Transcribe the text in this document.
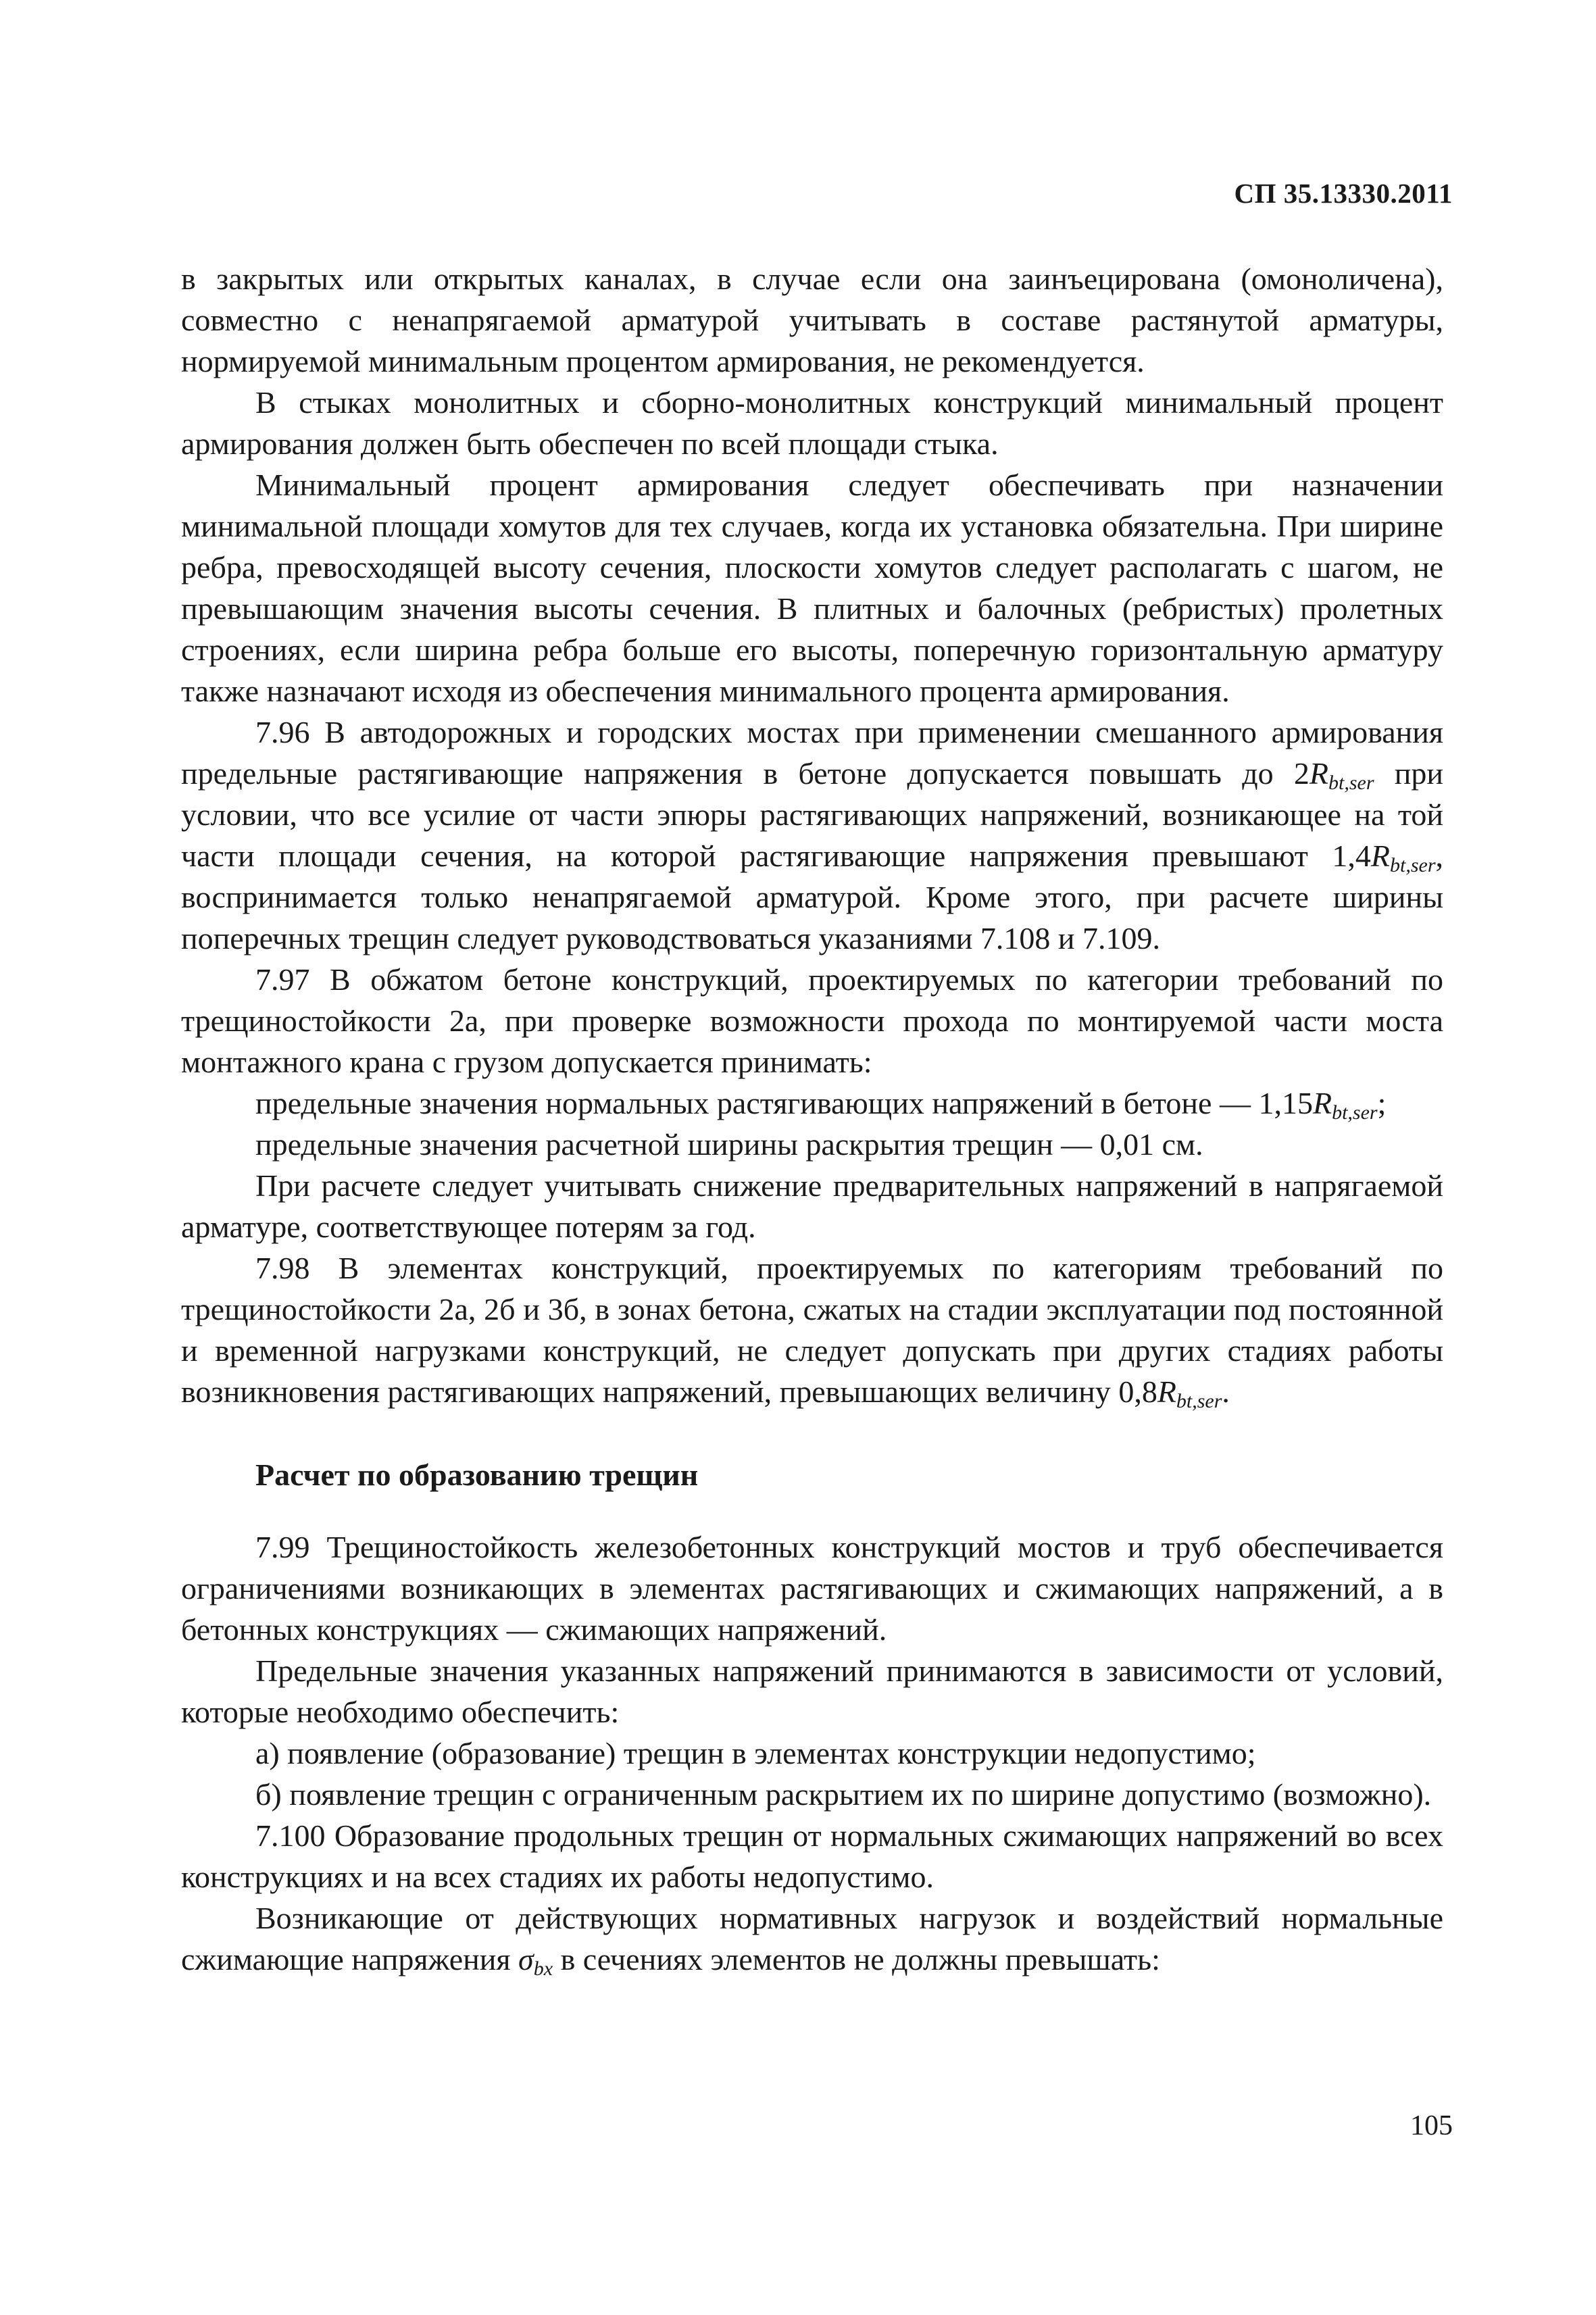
СП 35.13330.2011

в закрытых или открытых каналах, в случае если она заинъецирована (омоноличена), совместно с ненапрягаемой арматурой учитывать в составе растянутой арматуры, нормируемой минимальным процентом армирования, не рекомендуется.

В стыках монолитных и сборно-монолитных конструкций минимальный процент армирования должен быть обеспечен по всей площади стыка.

Минимальный процент армирования следует обеспечивать при назначении минимальной площади хомутов для тех случаев, когда их установка обязательна. При ширине ребра, превосходящей высоту сечения, плоскости хомутов следует располагать с шагом, не превышающим значения высоты сечения. В плитных и балочных (ребристых) пролетных строениях, если ширина ребра больше его высоты, поперечную горизонтальную арматуру также назначают исходя из обеспечения минимального процента армирования.

7.96 В автодорожных и городских мостах при применении смешанного армирования предельные растягивающие напряжения в бетоне допускается повышать до $2R_{bt,ser}$ при условии, что все усилие от части эпюры растягивающих напряжений, возникающее на той части площади сечения, на которой растягивающие напряжения превышают $1,4R_{bt,ser}$, воспринимается только ненапрягаемой арматурой. Кроме этого, при расчете ширины поперечных трещин следует руководствоваться указаниями 7.108 и 7.109.

7.97 В обжатом бетоне конструкций, проектируемых по категории требований по трещиностойкости 2а, при проверке возможности прохода по монтируемой части моста монтажного крана с грузом допускается принимать:

предельные значения нормальных растягивающих напряжений в бетоне — $1,15R_{bt,ser}$;

предельные значения расчетной ширины раскрытия трещин — 0,01 см.

При расчете следует учитывать снижение предварительных напряжений в напрягаемой арматуре, соответствующее потерям за год.

7.98 В элементах конструкций, проектируемых по категориям требований по трещиностойкости 2а, 2б и 3б, в зонах бетона, сжатых на стадии эксплуатации под постоянной и временной нагрузками конструкций, не следует допускать при других стадиях работы возникновения растягивающих напряжений, превышающих величину $0,8R_{bt,ser}$.

Расчет по образованию трещин

7.99 Трещиностойкость железобетонных конструкций мостов и труб обеспечивается ограничениями возникающих в элементах растягивающих и сжимающих напряжений, а в бетонных конструкциях — сжимающих напряжений.

Предельные значения указанных напряжений принимаются в зависимости от условий, которые необходимо обеспечить:

а) появление (образование) трещин в элементах конструкции недопустимо;

б) появление трещин с ограниченным раскрытием их по ширине допустимо (возможно).

7.100 Образование продольных трещин от нормальных сжимающих напряжений во всех конструкциях и на всех стадиях их работы недопустимо.

Возникающие от действующих нормативных нагрузок и воздействий нормальные сжимающие напряжения $\sigma_{bx}$ в сечениях элементов не должны превышать:

105
